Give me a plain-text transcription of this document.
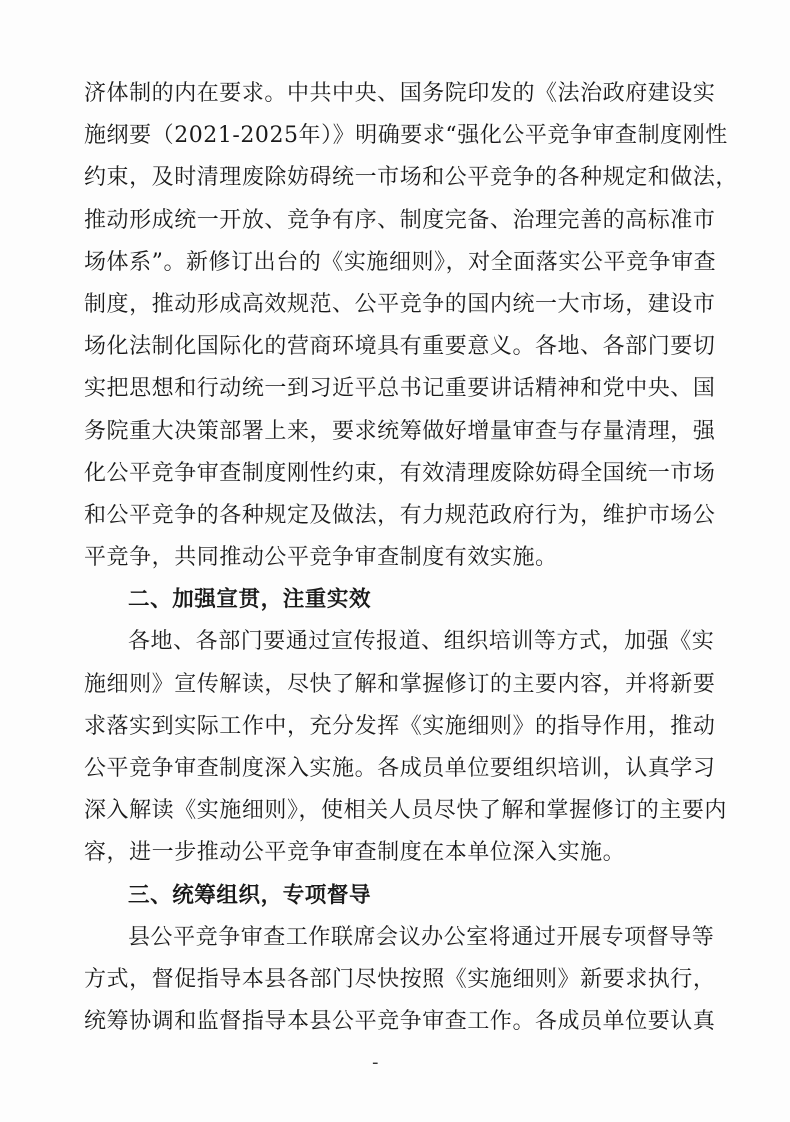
济体制的内在要求。中共中央、国务院印发的《法治政府建设实
施纲要（2021-2025年）》明确要求“强化公平竞争审查制度刚性
约束，及时清理废除妨碍统一市场和公平竞争的各种规定和做法，
推动形成统一开放、竞争有序、制度完备、治理完善的高标准市
场体系”。新修订出台的《实施细则》，对全面落实公平竞争审查
制度，推动形成高效规范、公平竞争的国内统一大市场，建设市
场化法制化国际化的营商环境具有重要意义。各地、各部门要切
实把思想和行动统一到习近平总书记重要讲话精神和党中央、国
务院重大决策部署上来，要求统筹做好增量审查与存量清理，强
化公平竞争审查制度刚性约束，有效清理废除妨碍全国统一市场
和公平竞争的各种规定及做法，有力规范政府行为，维护市场公
平竞争，共同推动公平竞争审查制度有效实施。
二、加强宣贯，注重实效
各地、各部门要通过宣传报道、组织培训等方式，加强《实
施细则》宣传解读，尽快了解和掌握修订的主要内容，并将新要
求落实到实际工作中，充分发挥《实施细则》的指导作用，推动
公平竞争审查制度深入实施。各成员单位要组织培训，认真学习
深入解读《实施细则》，使相关人员尽快了解和掌握修订的主要内
容，进一步推动公平竞争审查制度在本单位深入实施。
三、统筹组织，专项督导
县公平竞争审查工作联席会议办公室将通过开展专项督导等
方式，督促指导本县各部门尽快按照《实施细则》新要求执行，
统筹协调和监督指导本县公平竞争审查工作。各成员单位要认真
-
